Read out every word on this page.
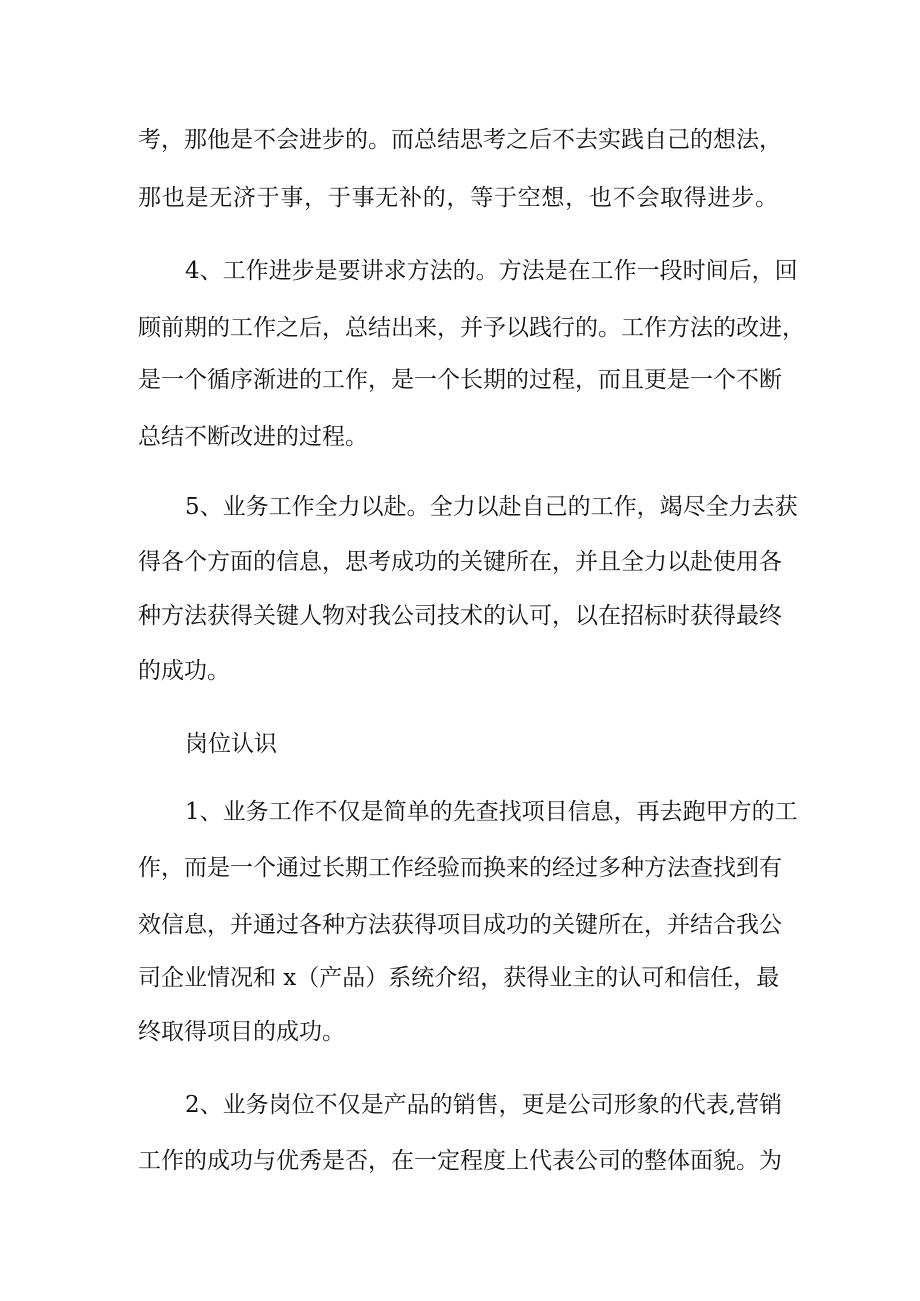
考，那他是不会进步的。而总结思考之后不去实践自己的想法，

那也是无济于事，于事无补的，等于空想，也不会取得进步。

4、工作进步是要讲求方法的。方法是在工作一段时间后，回

顾前期的工作之后，总结出来，并予以践行的。工作方法的改进，

是一个循序渐进的工作，是一个长期的过程，而且更是一个不断

总结不断改进的过程。

5、业务工作全力以赴。全力以赴自己的工作，竭尽全力去获

得各个方面的信息，思考成功的关键所在，并且全力以赴使用各

种方法获得关键人物对我公司技术的认可，以在招标时获得最终

的成功。

岗位认识

1、业务工作不仅是简单的先查找项目信息，再去跑甲方的工

作，而是一个通过长期工作经验而换来的经过多种方法查找到有

效信息，并通过各种方法获得项目成功的关键所在，并结合我公

司企业情况和 x（产品）系统介绍，获得业主的认可和信任，最

终取得项目的成功。

2、业务岗位不仅是产品的销售，更是公司形象的代表,营销

工作的成功与优秀是否，在一定程度上代表公司的整体面貌。为
